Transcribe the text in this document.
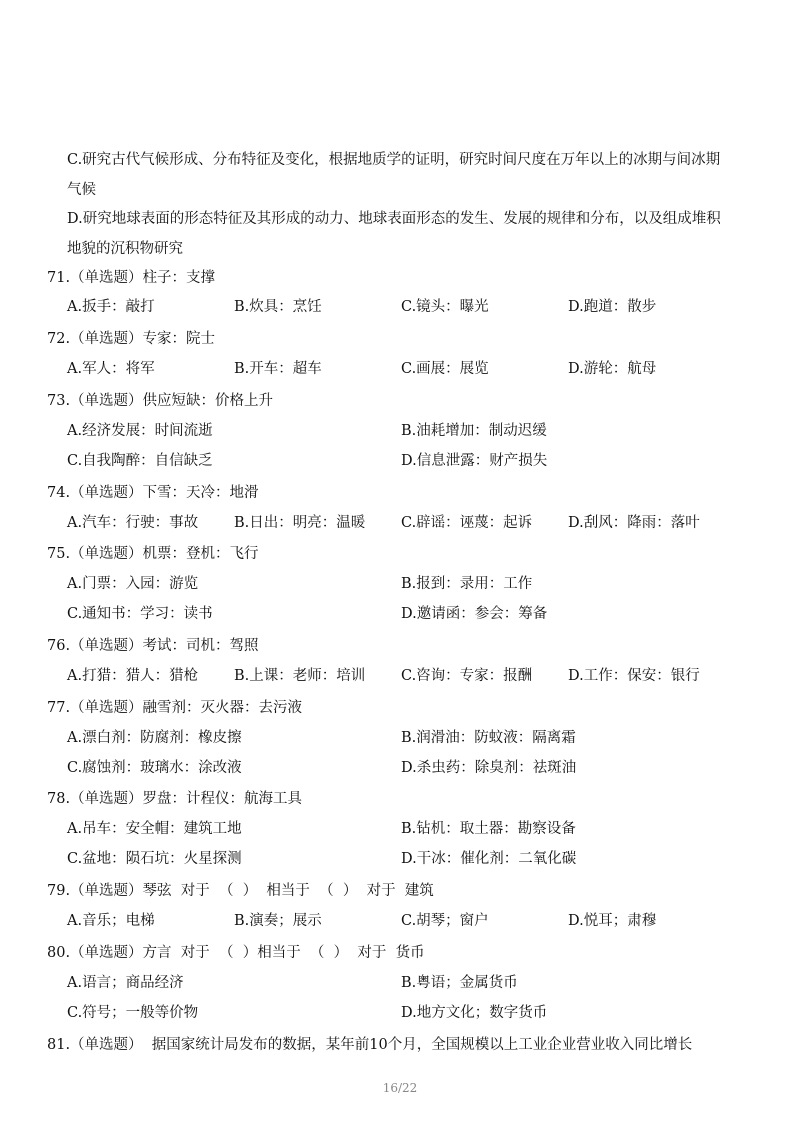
C.研究古代气候形成、分布特征及变化，根据地质学的证明，研究时间尺度在万年以上的冰期与间冰期
气候
D.研究地球表面的形态特征及其形成的动力、地球表面形态的发生、发展的规律和分布，以及组成堆积
地貌的沉积物研究
71.（单选题）柱子：支撑
A.扳手：敲打	B.炊具：烹饪	C.镜头：曝光	D.跑道：散步
72.（单选题）专家：院士
A.军人：将军	B.开车：超车	C.画展：展览	D.游轮：航母
73.（单选题）供应短缺：价格上升
A.经济发展：时间流逝	B.油耗增加：制动迟缓
C.自我陶醉：自信缺乏	D.信息泄露：财产损失
74.（单选题）下雪：天冷：地滑
A.汽车：行驶：事故 B.日出：明亮：温暖 C.辟谣：诬蔑：起诉 D.刮风：降雨：落叶
75.（单选题）机票：登机：飞行
A.门票：入园：游览	B.报到：录用：工作
C.通知书：学习：读书	D.邀请函：参会：筹备
76.（单选题）考试：司机：驾照
A.打猎：猎人：猎枪 B.上课：老师：培训 C.咨询：专家：报酬 D.工作：保安：银行
77.（单选题）融雪剂：灭火器：去污液
A.漂白剂：防腐剂：橡皮擦	B.润滑油：防蚊液：隔离霜
C.腐蚀剂：玻璃水：涂改液	D.杀虫药：除臭剂：祛斑油
78.（单选题）罗盘：计程仪：航海工具
A.吊车：安全帽：建筑工地	B.钻机：取土器：勘察设备
C.盆地：陨石坑：火星探测	D.干冰：催化剂：二氧化碳
79.（单选题）琴弦  对于  （  ）  相当于  （  ）  对于  建筑
A.音乐；电梯	B.演奏；展示	C.胡琴；窗户	D.悦耳；肃穆
80.（单选题）方言  对于  （  ）相当于  （  ）  对于  货币
A.语言；商品经济	B.粤语；金属货币
C.符号；一般等价物	D.地方文化；数字货币
81.（单选题）  据国家统计局发布的数据，某年前10个月，全国规模以上工业企业营业收入同比增长
16/22
